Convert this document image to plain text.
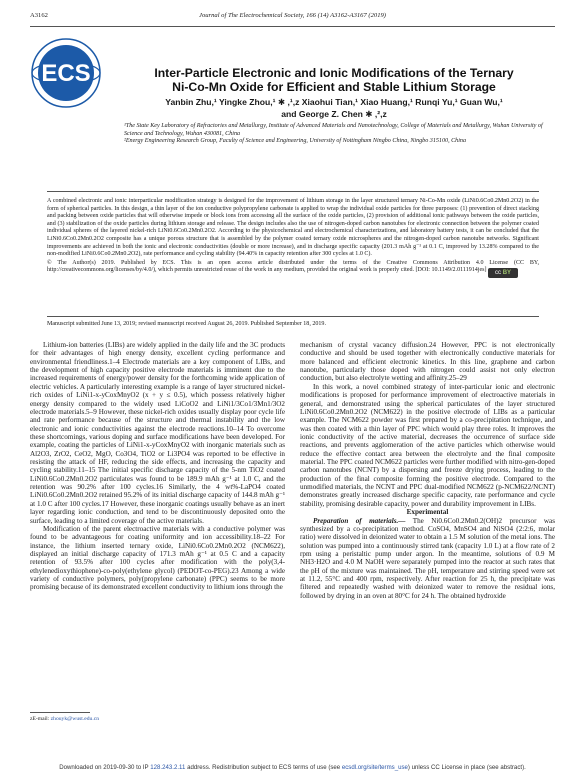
A3162	Journal of The Electrochemical Society, 166 (14) A3162-A3167 (2019)
ECS	Inter-Particle Electronic and Ionic Modifications of the Ternary
Ni-Co-Mn Oxide for Efficient and Stable Lithium Storage
Yanbin Zhu,¹ Yingke Zhou,¹ ✱ ,¹,z Xiaohui Tian,¹ Xiao Huang,¹ Runqi Yu,¹ Guan Wu,¹
and George Z. Chen ✱ ,²,z
¹The State Key Laboratory of Refractories and Metallurgy, Institute of Advanced Materials and Nanotechnology, College of Materials and Metallurgy, Wuhan University of Science and Technology, Wuhan 430081, China
²Energy Engineering Research Group, Faculty of Science and Engineering, University of Nottingham Ningbo China, Ningbo 315100, China
A combined electronic and ionic interparticular modification strategy is designed for the improvement of lithium storage in the layer structured ternary Ni-Co-Mn oxide (LiNi0.6Co0.2Mn0.2O2) in the form of spherical particles. In this design, a thin layer of the ion conductive polypropylene carbonate is applied to wrap the individual oxide particles for three purposes: (1) prevention of direct stacking and packing between oxide particles that will otherwise impede or block ions from accessing all the surface of the oxide particles, (2) provision of additional ionic pathways between the oxide particles, and (3) stabilization of the oxide particles during lithium storage and release. The design includes also the use of nitrogen-doped carbon nanotubes for electronic connection between the polymer coated individual spheres of the layered nickel-rich LiNi0.6Co0.2Mn0.2O2. According to the physicochemical and electrochemical characterizations, and laboratory battery tests, it can be concluded that the LiNi0.6Co0.2Mn0.2O2 composite has a unique porous structure that is assembled by the polymer coated ternary oxide microspheres and the nitrogen-doped carbon nanotube networks. Significant improvements are achieved in both the ionic and electronic conductivities (double or more increase), and in discharge specific capacity (201.3 mAh g⁻¹ at 0.1 C, improved by 13.28% compared to the non-modified LiNi0.6Co0.2Mn0.2O2), rate performance and cycling stability (94.40% in capacity retention after 300 cycles at 1.0 C).
© The Author(s) 2019. Published by ECS. This is an open access article distributed under the terms of the Creative Commons Attribution 4.0 License (CC BY, http://creativecommons.org/licenses/by/4.0/), which permits unrestricted reuse of the work in any medium, provided the original work is properly cited. [DOI: 10.1149/2.0111914jes] cc BY
Manuscript submitted June 13, 2019; revised manuscript received August 26, 2019. Published September 18, 2019.

Lithium-ion batteries (LIBs) are widely applied in the daily life and the 3C products for their advantages of high energy density, excellent cycling performance and environmental friendliness.1–4 Electrode materials are a key component of LIBs, and the development of high capacity positive electrode materials is imminent due to the increased requirements of energy/power density for the forthcoming wide application of electric vehicles. A particularly interesting example is a range of layer structured nickel-rich oxides of LiNi1-x-yCoxMnyO2 (x + y ≤ 0.5), which possess relatively higher energy density compared to the widely used LiCoO2 and LiNi1/3Co1/3Mn1/3O2 electrode materials.5–9 However, these nickel-rich oxides usually display poor cycle life and rate performance because of the structure and thermal instability and the low electronic and ionic conductivities against the electrode reactions.10–14 To overcome these shortcomings, various doping and surface modifications have been developed. For example, coating the particles of LiNi1-x-yCoxMnyO2 with inorganic materials such as Al2O3, ZrO2, CeO2, MgO, Co3O4, TiO2 or Li3PO4 was reported to be effective in resisting the attack of HF, reducing the side effects, and increasing the capacity and cycling stability.11–15 The initial specific discharge capacity of the 5-nm TiO2 coated LiNi0.6Co0.2Mn0.2O2 particulates was found to be 189.9 mAh g⁻¹ at 1.0 C, and the retention was 90.2% after 100 cycles.16 Similarly, the 4 wt%-LaPO4 coated LiNi0.6Co0.2Mn0.2O2 retained 95.2% of its initial discharge capacity of 144.8 mAh g⁻¹ at 1.0 C after 100 cycles.17 However, these inorganic coatings usually behave as an inert layer regarding ionic conduction, and tend to be discontinuously deposited onto the surface, leading to a limited coverage of the active materials.

Modification of the parent electroactive materials with a conductive polymer was found to be advantageous for coating uniformity and ion accessibility.18–22 For instance, the lithium inserted ternary oxide, LiNi0.6Co0.2Mn0.2O2 (NCM622), displayed an initial discharge capacity of 171.3 mAh g⁻¹ at 0.5 C and a capacity retention of 93.5% after 100 cycles after modification with the poly(3,4-ethylenedioxythiophene)-co-poly(ethylene glycol) (PEDOT-co-PEG).23 Among a wide variety of conductive polymers, poly(propylene carbonate) (PPC) seems to be more promising because of its demonstrated excellent conductivity to lithium ions through the

mechanism of crystal vacancy diffusion.24 However, PPC is not electronically conductive and should be used together with electronically conductive materials for more balanced and efficient electronic kinetics. In this line, graphene and carbon nanotube, particularly those doped with nitrogen could assist not only electron conduction, but also electrolyte wetting and affinity.25–29

In this work, a novel combined strategy of inter-particular ionic and electronic modifications is proposed for performance improvement of electroactive materials in general, and demonstrated using the spherical particulates of the layer structured LiNi0.6Co0.2Mn0.2O2 (NCM622) in the positive electrode of LIBs as a particular example. The NCM622 powder was first prepared by a co-precipitation technique, and was then coated with a thin layer of PPC which would play three roles. It improves the ionic conductivity of the active material, decreases the occurrence of surface side reactions, and prevents agglomeration of the active particles which otherwise would reduce the effective contact area between the electrolyte and the final composite material. The PPC coated NCM622 particles were further modified with nitro-gen-doped carbon nanotubes (NCNT) by a dispersing and freeze drying process, leading to the production of the final composite forming the positive electrode. Compared to the unmodified materials, the NCNT and PPC dual-modified NCM622 (p-NCM622/NCNT) demonstrates greatly increased discharge specific capacity, rate performance and cycle stability, promising desirable capacity, power and durability improvement in LIBs.

Experimental

Preparation of materials.— The Ni0.6Co0.2Mn0.2(OH)2 precursor was synthesized by a co-precipitation method. CoSO4, MnSO4 and NiSO4 (2:2:6, molar ratio) were dissolved in deionized water to obtain a 1.5 M solution of the metal ions. The solution was pumped into a continuously stirred tank (capacity 1.0 L) at a flow rate of 2 rpm using a peristaltic pump under argon. In the meantime, solutions of 0.9 M NH3·H2O and 4.0 M NaOH were separately pumped into the reactor at such rates that the pH of the mixture was maintained. The pH, temperature and stirring speed were set at 11.2, 55°C and 400 rpm, respectively. After reaction for 25 h, the precipitate was filtered and repeatedly washed with deionized water to remove the residual ions, followed by drying in an oven at 80°C for 24 h. The obtained hydroxide

zE-mail: zhouyk@wust.edu.cn
Downloaded on 2019-09-30 to IP 128.243.2.11 address. Redistribution subject to ECS terms of use (see ecsdl.org/site/terms_use) unless CC License in place (see abstract).
